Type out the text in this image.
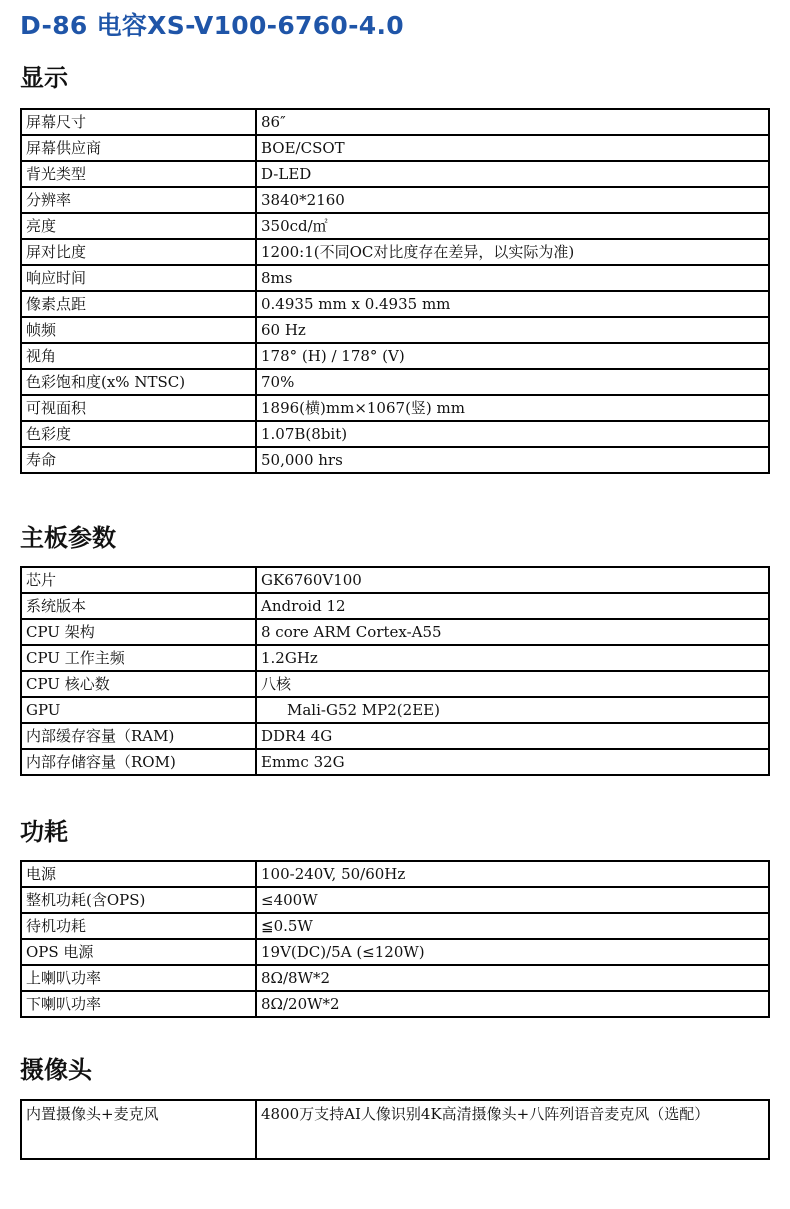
D-86 电容XS-V100-6760-4.0
显示
屏幕尺寸	86″
屏幕供应商	BOE/CSOT
背光类型	D-LED
分辨率	3840*2160
亮度	350cd/㎡
屏对比度	1200:1(不同OC对比度存在差异，以实际为准)
响应时间	8ms
像素点距	0.4935 mm x 0.4935 mm
帧频	60 Hz
视角	178° (H) / 178° (V)
色彩饱和度(x% NTSC)	70%
可视面积	1896(横)mm×1067(竖) mm
色彩度	1.07B(8bit)
寿命	50,000 hrs
主板参数
芯片	GK6760V100
系统版本	Android 12
CPU 架构	8 core ARM Cortex-A55
CPU 工作主频	1.2GHz
CPU 核心数	八核
GPU	Mali-G52 MP2(2EE)
内部缓存容量（RAM)	DDR4 4G
内部存储容量（ROM)	Emmc 32G
功耗
电源	100-240V, 50/60Hz
整机功耗(含OPS)	≤400W
待机功耗	≦0.5W
OPS 电源	19V(DC)/5A (≤120W)
上喇叭功率	8Ω/8W*2
下喇叭功率	8Ω/20W*2
摄像头
内置摄像头+麦克风	4800万支持AI人像识别4K高清摄像头+八阵列语音麦克风（选配）
